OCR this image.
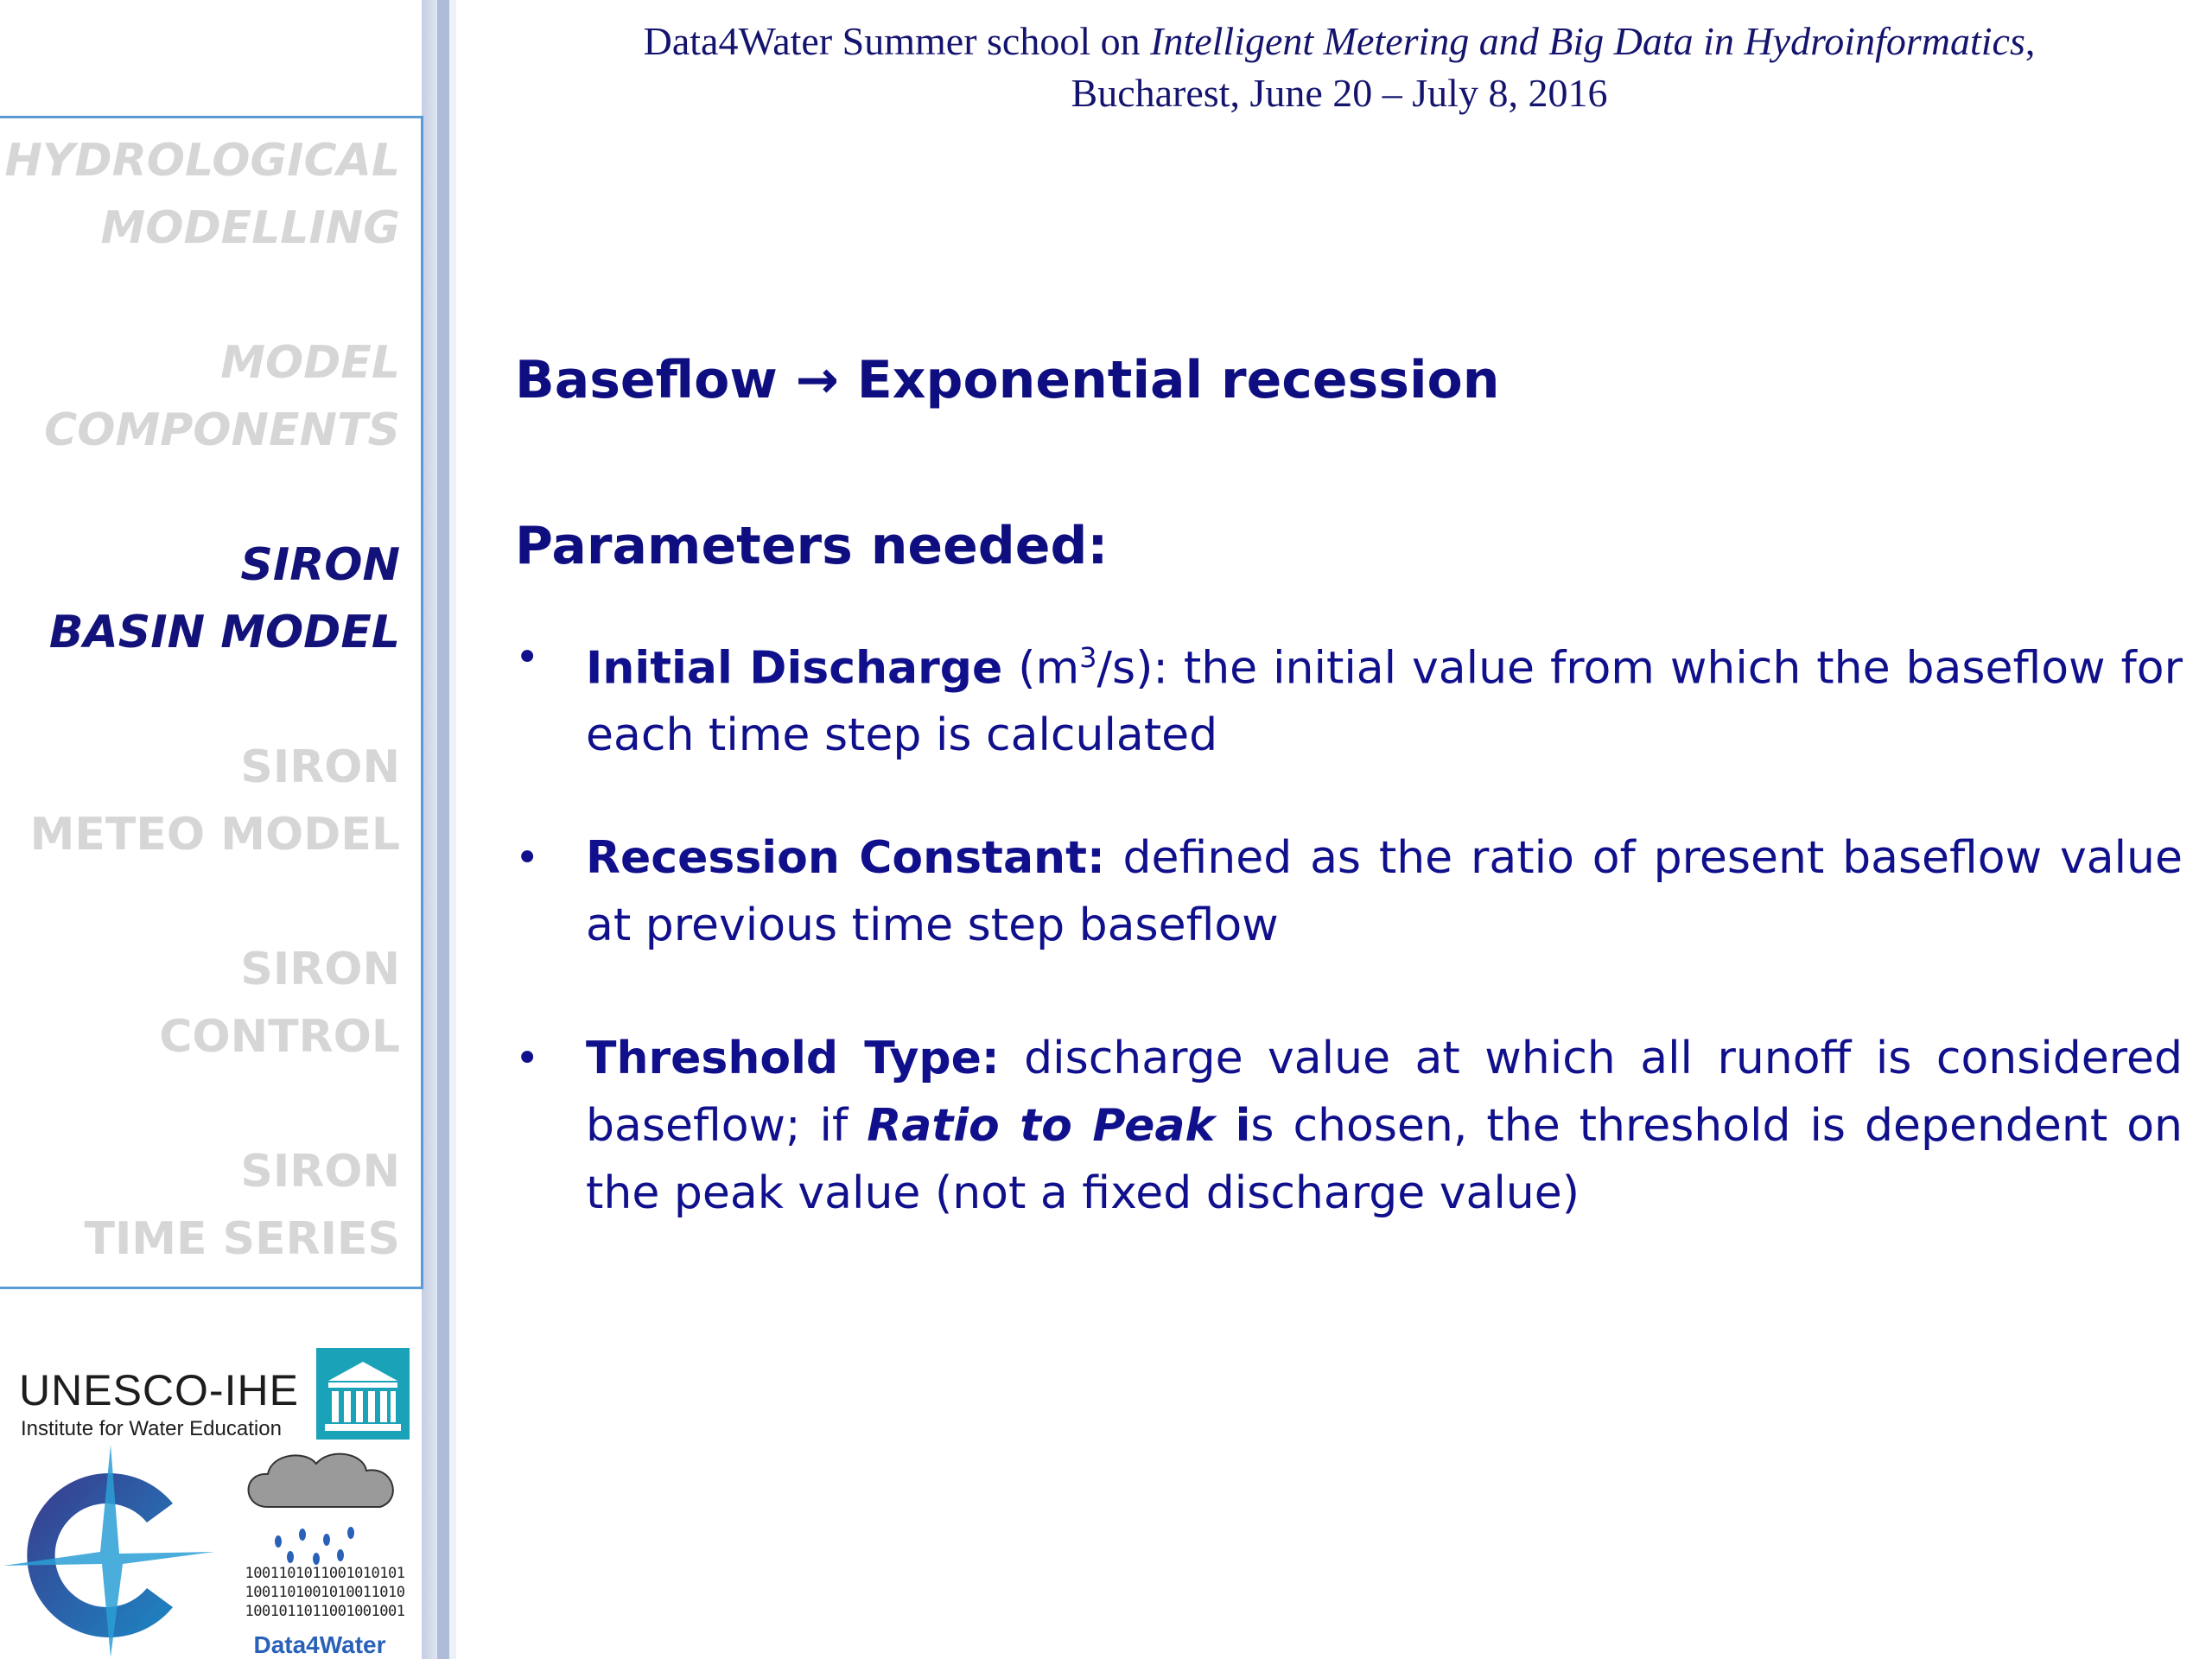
Data4Water Summer school on Intelligent Metering and Big Data in Hydroinformatics,
Bucharest, June 20 – July 8, 2016
HYDROLOGICAL
MODELLING
MODEL
COMPONENTS
SIRON
BASIN MODEL
SIRON
METEO MODEL
SIRON
CONTROL
SIRON
TIME SERIES
Baseflow → Exponential recession
Parameters needed:
• Initial Discharge $(m^3/s)$: the initial value from which the baseflow for each time step is calculated
• Recession Constant: defined as the ratio of present baseflow value at previous time step baseflow
• Threshold Type: discharge value at which all runoff is considered baseflow; if Ratio to Peak is chosen, the threshold is dependent on the peak value (not a fixed discharge value)
UNESCO-IHE
Institute for Water Education
1001101011001010101
1001101001010011010
1001011011001001001
Data4Water
